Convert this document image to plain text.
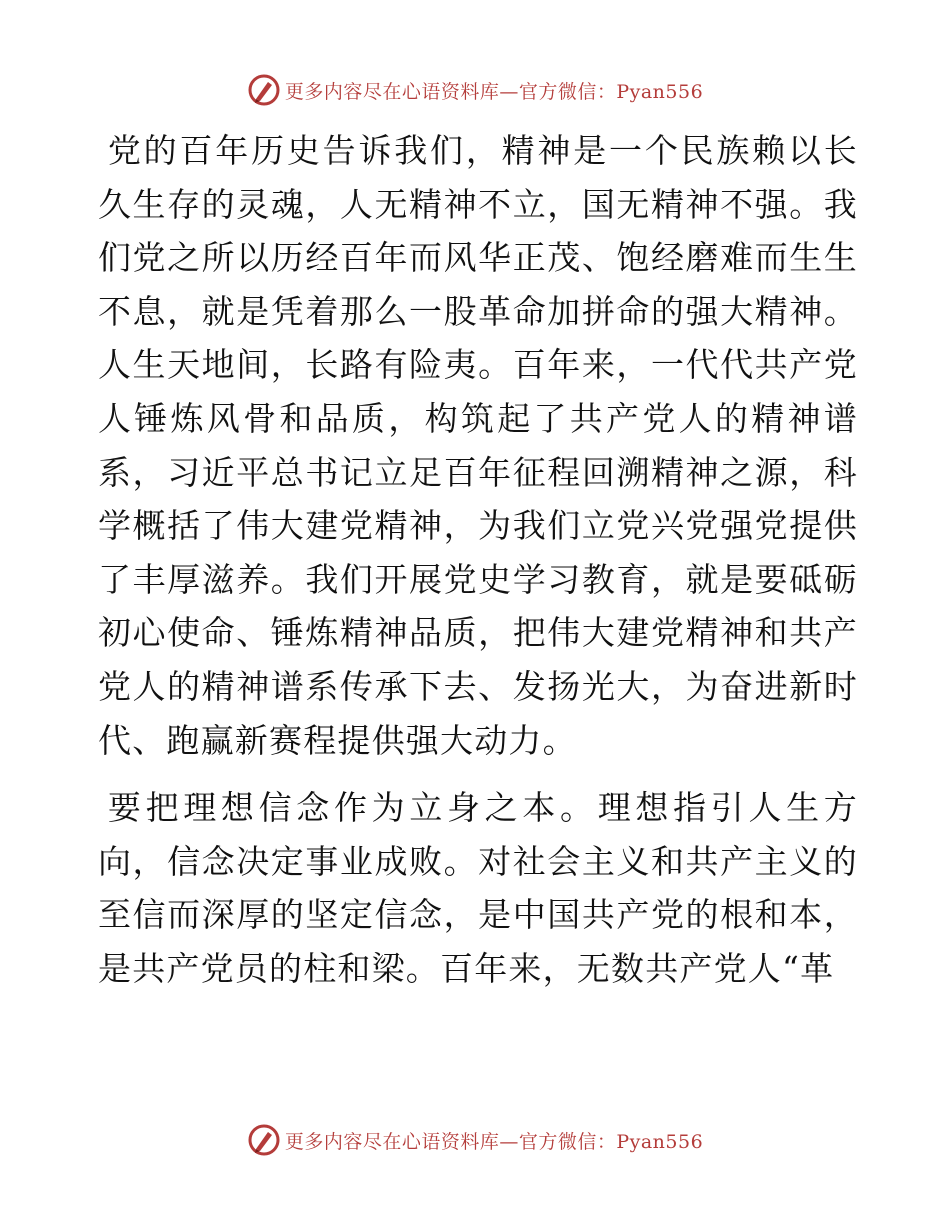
更多内容尽在心语资料库—官方微信：Pyan556

党的百年历史告诉我们，精神是一个民族赖以长久生存的灵魂，人无精神不立，国无精神不强。我们党之所以历经百年而风华正茂、饱经磨难而生生不息，就是凭着那么一股革命加拼命的强大精神。人生天地间，长路有险夷。百年来，一代代共产党人锤炼风骨和品质，构筑起了共产党人的精神谱系，习近平总书记立足百年征程回溯精神之源，科学概括了伟大建党精神，为我们立党兴党强党提供了丰厚滋养。我们开展党史学习教育，就是要砥砺初心使命、锤炼精神品质，把伟大建党精神和共产党人的精神谱系传承下去、发扬光大，为奋进新时代、跑赢新赛程提供强大动力。

要把理想信念作为立身之本。理想指引人生方向，信念决定事业成败。对社会主义和共产主义的至信而深厚的坚定信念，是中国共产党的根和本，是共产党员的柱和梁。百年来，无数共产党人“革

更多内容尽在心语资料库—官方微信：Pyan556
